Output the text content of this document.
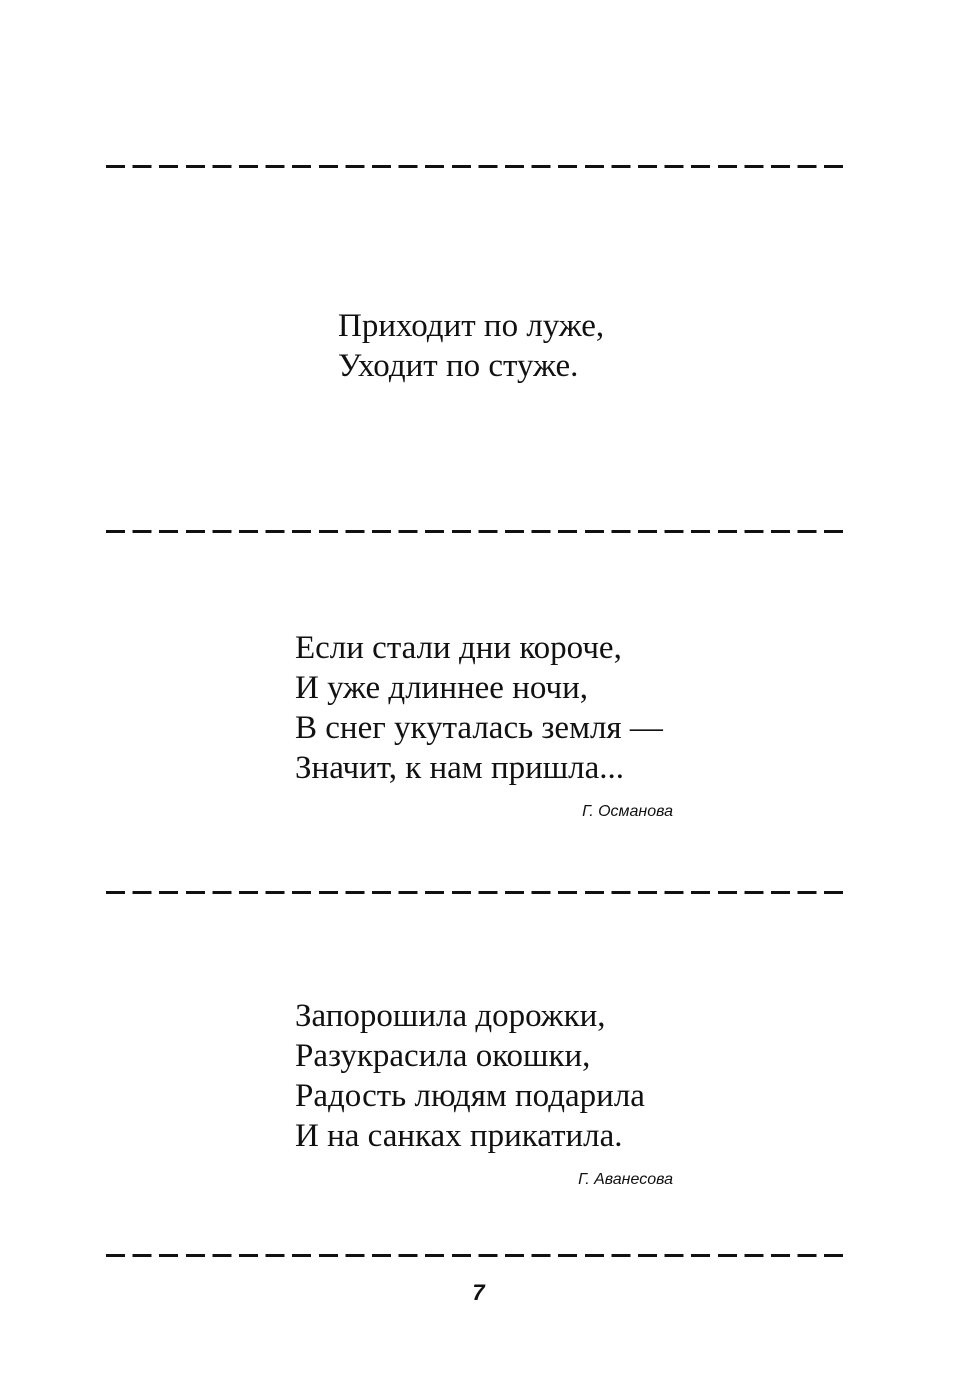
Приходит по луже,
Уходит по стуже.
Если стали дни короче,
И уже длиннее ночи,
В снег укуталась земля —
Значит, к нам пришла...
Г. Османова
Запорошила дорожки,
Разукрасила окошки,
Радость людям подарила
И на санках прикатила.
Г. Аванесова
7
